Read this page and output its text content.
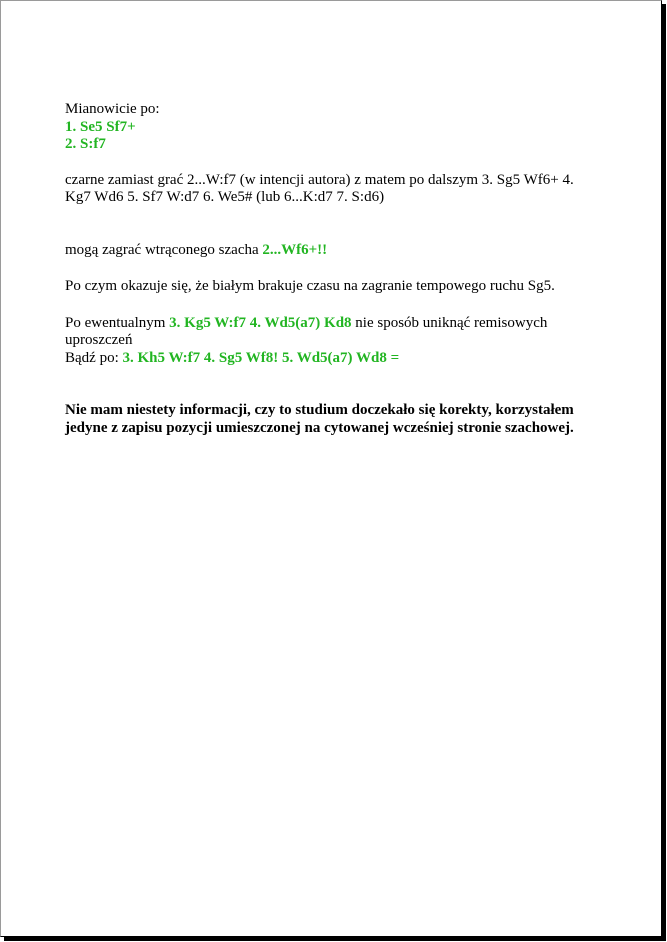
Mianowicie po:
1. Se5 Sf7+
2. S:f7
czarne zamiast grać 2...W:f7 (w intencji autora) z matem po dalszym 3. Sg5 Wf6+ 4.
Kg7 Wd6 5. Sf7 W:d7 6. We5# (lub 6...K:d7 7. S:d6)
mogą zagrać wtrąconego szacha 2...Wf6+!!
Po czym okazuje się, że białym brakuje czasu na zagranie tempowego ruchu Sg5.
Po ewentualnym 3. Kg5 W:f7 4. Wd5(a7) Kd8 nie sposób uniknąć remisowych
uproszczeń
Bądź po: 3. Kh5 W:f7 4. Sg5 Wf8! 5. Wd5(a7) Wd8 =
Nie mam niestety informacji, czy to studium doczekało się korekty, korzystałem
jedyne z zapisu pozycji umieszczonej na cytowanej wcześniej stronie szachowej.
